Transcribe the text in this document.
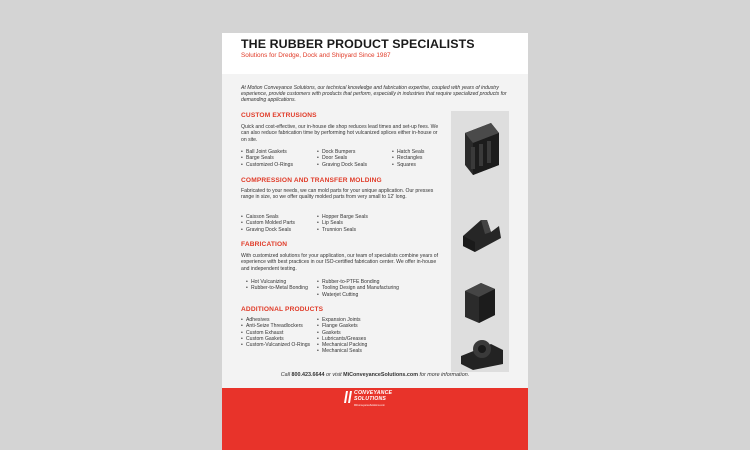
THE RUBBER PRODUCT SPECIALISTS
Solutions for Dredge, Dock and Shipyard Since 1987
At Motion Conveyance Solutions, our technical knowledge and fabrication expertise, coupled with years of industry experience, provide customers with products that perform, especially in industries that require specialized products for demanding applications.
CUSTOM EXTRUSIONS
Quick and cost-effective, our in-house die shop reduces lead times and set-up fees. We can also reduce fabrication time by performing hot vulcanized splices either in-house or on site.
• Ball Joint Gaskets
• Barge Seals
• Customized O-Rings
• Dock Bumpers
• Door Seals
• Graving Dock Seals
• Hatch Seals
• Rectangles
• Squares
COMPRESSION AND TRANSFER MOLDING
Fabricated to your needs, we can mold parts for your unique application. Our presses range in size, so we offer quality molded parts from very small to 12' long.
• Caisson Seals
• Custom Molded Parts
• Graving Dock Seals
• Hopper Barge Seals
• Lip Seals
• Trunnion Seals
FABRICATION
With customized solutions for your application, our team of specialists combine years of experience with best practices in our ISO-certified fabrication center. We offer in-house and independent testing.
• Hot Vulcanizing
• Rubber-to-Metal Bonding
• Rubber-to-PTFE Bonding
• Tooling Design and Manufacturing
• Waterjet Cutting
ADDITIONAL PRODUCTS
• Adhesives
• Anti-Seize Threadlockers
• Custom Exhaust
• Custom Gaskets
• Custom-Vulcanized O-Rings
• Expansion Joints
• Flange Gaskets
• Gaskets
• Lubricants/Greases
• Mechanical Packing
• Mechanical Seals
Call 800.423.6644 or visit MiConveyanceSolutions.com for more information.
CONVEYANCE
SOLUTIONS
MiConveyanceSolutions.com
